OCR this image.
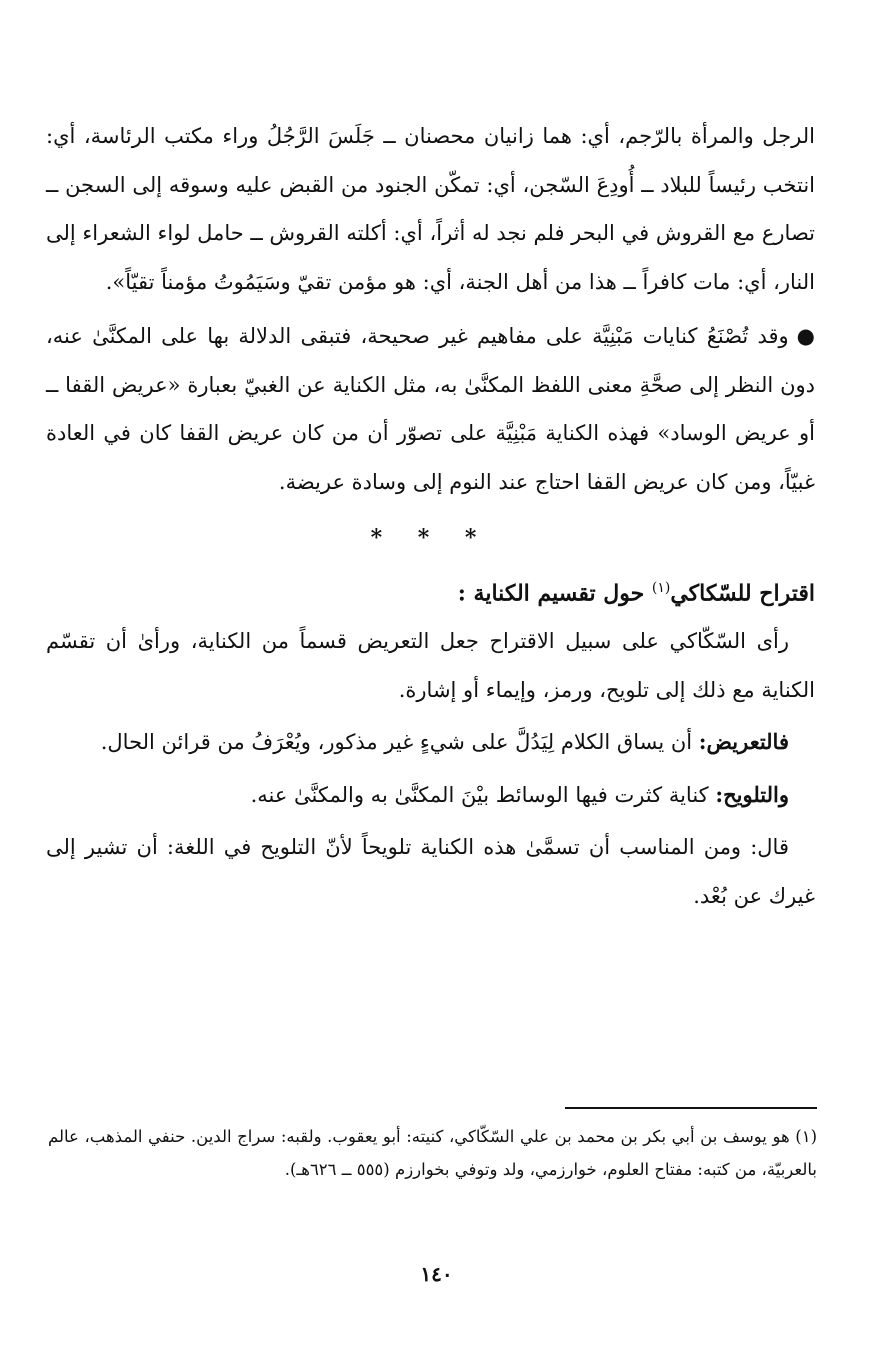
الرجل والمرأة بالرّجم، أي: هما زانيان محصنان ــ جَلَسَ الرَّجُلُ وراء مكتب الرئاسة، أي: انتخب رئيساً للبلاد ــ أُودِعَ السّجن، أي: تمكّن الجنود من القبض عليه وسوقه إلى السجن ــ تصارع مع القروش في البحر فلم نجد له أثراً، أي: أكلته القروش ــ حامل لواء الشعراء إلى النار، أي: مات كافراً ــ هذا من أهل الجنة، أي: هو مؤمن تقيّ وسَيَمُوتُ مؤمناً تقيّاً».

●وقد تُصْنَعُ كنايات مَبْنِيَّة على مفاهيم غير صحيحة، فتبقى الدلالة بها على المكنَّىٰ عنه، دون النظر إلى صحَّةِ معنى اللفظ المكنَّىٰ به، مثل الكناية عن الغبيّ بعبارة «عريض القفا ــ أو عريض الوساد» فهذه الكناية مَبْنِيَّة على تصوّر أن من كان عريض القفا كان في العادة غبيّاً، ومن كان عريض القفا احتاج عند النوم إلى وسادة عريضة.

* * *
اقتراح للسّكاكي$^{(١)}$ حول تقسيم الكناية :

رأى السّكّاكي على سبيل الاقتراح جعل التعريض قسماً من الكناية، ورأىٰ أن تقسّم الكناية مع ذلك إلى تلويح، ورمز، وإيماء أو إشارة.

فالتعريض: أن يساق الكلام لِيَدُلَّ على شيءٍ غير مذكور، ويُعْرَفُ من قرائن الحال.

والتلويح: كناية كثرت فيها الوسائط بيْنَ المكنَّىٰ به والمكنَّىٰ عنه.

قال: ومن المناسب أن تسمَّىٰ هذه الكناية تلويحاً لأنّ التلويح في اللغة: أن تشير إلى غيرك عن بُعْد.

(١) هو يوسف بن أبي بكر بن محمد بن علي السّكّاكي، كنيته: أبو يعقوب. ولقبه: سراج الدين. حنفي المذهب، عالم بالعربيّة، من كتبه: مفتاح العلوم، خوارزمي، ولد وتوفي بخوارزم (٥٥٥ ــ ٦٢٦هـ).
١٤٠
